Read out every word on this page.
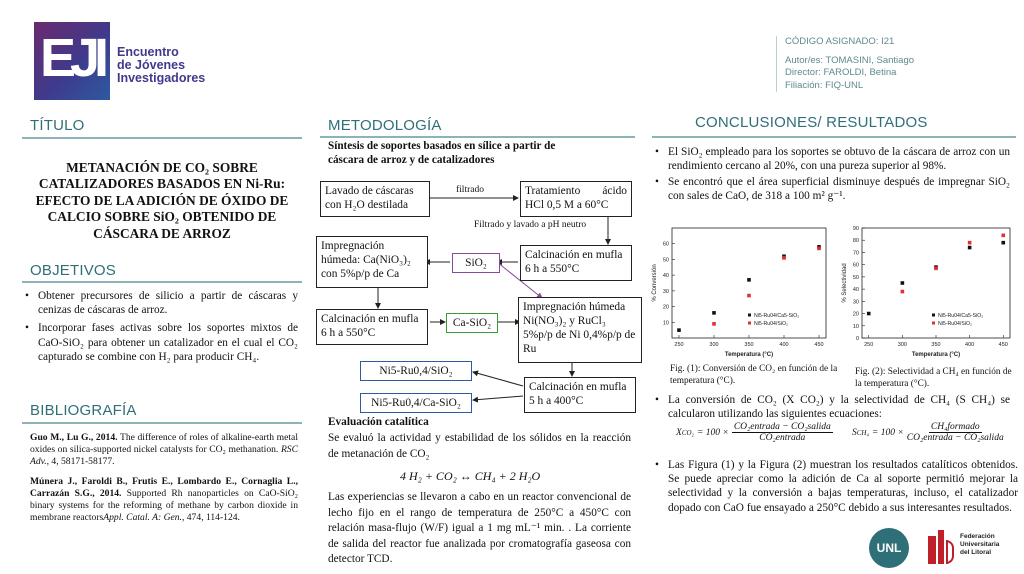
EJI Encuentro
de Jóvenes
Investigadores
CÓDIGO ASIGNADO: I21
Autor/es: TOMASINI, Santiago
Director: FAROLDI, Betina
Filiación: FIQ-UNL
TÍTULO
METANACIÓN DE CO₂ SOBRE
CATALIZADORES BASADOS EN Ni-Ru:
EFECTO DE LA ADICIÓN DE ÓXIDO DE
CALCIO SOBRE SiO₂ OBTENIDO DE
CÁSCARA DE ARROZ
OBJETIVOS
• Obtener precursores de silicio a partir de cáscaras y cenizas de cáscaras de arroz.
• Incorporar fases activas sobre los soportes mixtos de CaO-SiO₂ para obtener un catalizador en el cual el CO₂ capturado se combine con H₂ para producir CH₄.
BIBLIOGRAFÍA

Guo M., Lu G., 2014. The difference of roles of alkaline-earth metal oxides on silica-supported nickel catalysts for CO₂ methanation. RSC Adv., 4, 58171-58177.

Múnera J., Faroldi B., Frutis E., Lombardo E., Cornaglia L., Carrazán S.G., 2014. Supported Rh nanoparticles on CaO-SiO₂ binary systems for the reforming of methane by carbon dioxide in membrane reactorsAppl. Catal. A: Gen., 474, 114-124.

METODOLOGÍA
Síntesis de soportes basados en sílice a partir de
cáscara de arroz y de catalizadores
Lavado de cáscaras con H₂O destilada
filtrado	Tratamiento ácido HCl 0,5 M a 60°C
Filtrado y lavado a pH neutro
Impregnación húmeda: Ca(NiO₃)₂ con 5%p/p de Ca
SiO₂
Calcinación en mufla 6 h a 550°C
Calcinación en mufla 6 h a 550°C
Ca-SiO₂
Impregnación húmeda Ni(NO₃)₂ y RuCl₃ 5%p/p de Ni 0,4%p/p de Ru
Ni5-Ru0,4/SiO₂
Calcinación en mufla 5 h a 400°C
Ni5-Ru0,4/Ca-SiO₂
Evaluación catalítica
Se evaluó la actividad y estabilidad de los sólidos en la reacción de metanación de CO₂
4 H₂ + CO₂ ↔ CH₄ + 2 H₂O
Las experiencias se llevaron a cabo en un reactor convencional de lecho fijo en el rango de temperatura de 250°C a 450°C con relación masa-flujo (W/F) igual a 1 mg mL⁻¹ min. . La corriente de salida del reactor fue analizada por cromatografía gaseosa con detector TCD.
CONCLUSIONES/ RESULTADOS
• El SiO₂ empleado para los soportes se obtuvo de la cáscara de arroz con un rendimiento cercano al 20%, con una pureza superior al 98%.
• Se encontró que el área superficial disminuye después de impregnar SiO₂ con sales de CaO, de 318 a 100 m² g⁻¹.
10
20
30
40
50
60
250	300	350	400	450
Temperatura (°C)
% Conversión
Ni5-Ru04/Ca5-SiO₂
Ni5-Ru04/SiO₂
0
10
20
30
40
50
60
70
80
90
250	300	350	400	450
Temperatura (°C)
% Selectividad
Ni5-Ru04/Ca5-SiO₂
Ni5-Ru04/SiO₂
Fig. (1): Conversión de CO₂ en función de la temperatura (°C).
Fig. (2): Selectividad a CH₄ en función de la temperatura (°C).
• La conversión de CO₂ (X CO₂) y la selectividad de CH₄ (S CH₄) se calcularon utilizando las siguientes ecuaciones:
X CO₂ = 100 ×
CO₂entrada − CO₂salida
CO₂entrada
S CH₄ = 100 ×
CH₄formado
CO₂entrada − CO₂salida
• Las Figura (1) y la Figura (2) muestran los resultados catalíticos obtenidos. Se puede apreciar como la adición de Ca al soporte permitió mejorar la selectividad y la conversión a bajas temperaturas, incluso, el catalizador dopado con CaO fue ensayado a 250°C debido a sus interesantes resultados.
UNL
Federación
Universitaria
del Litoral
